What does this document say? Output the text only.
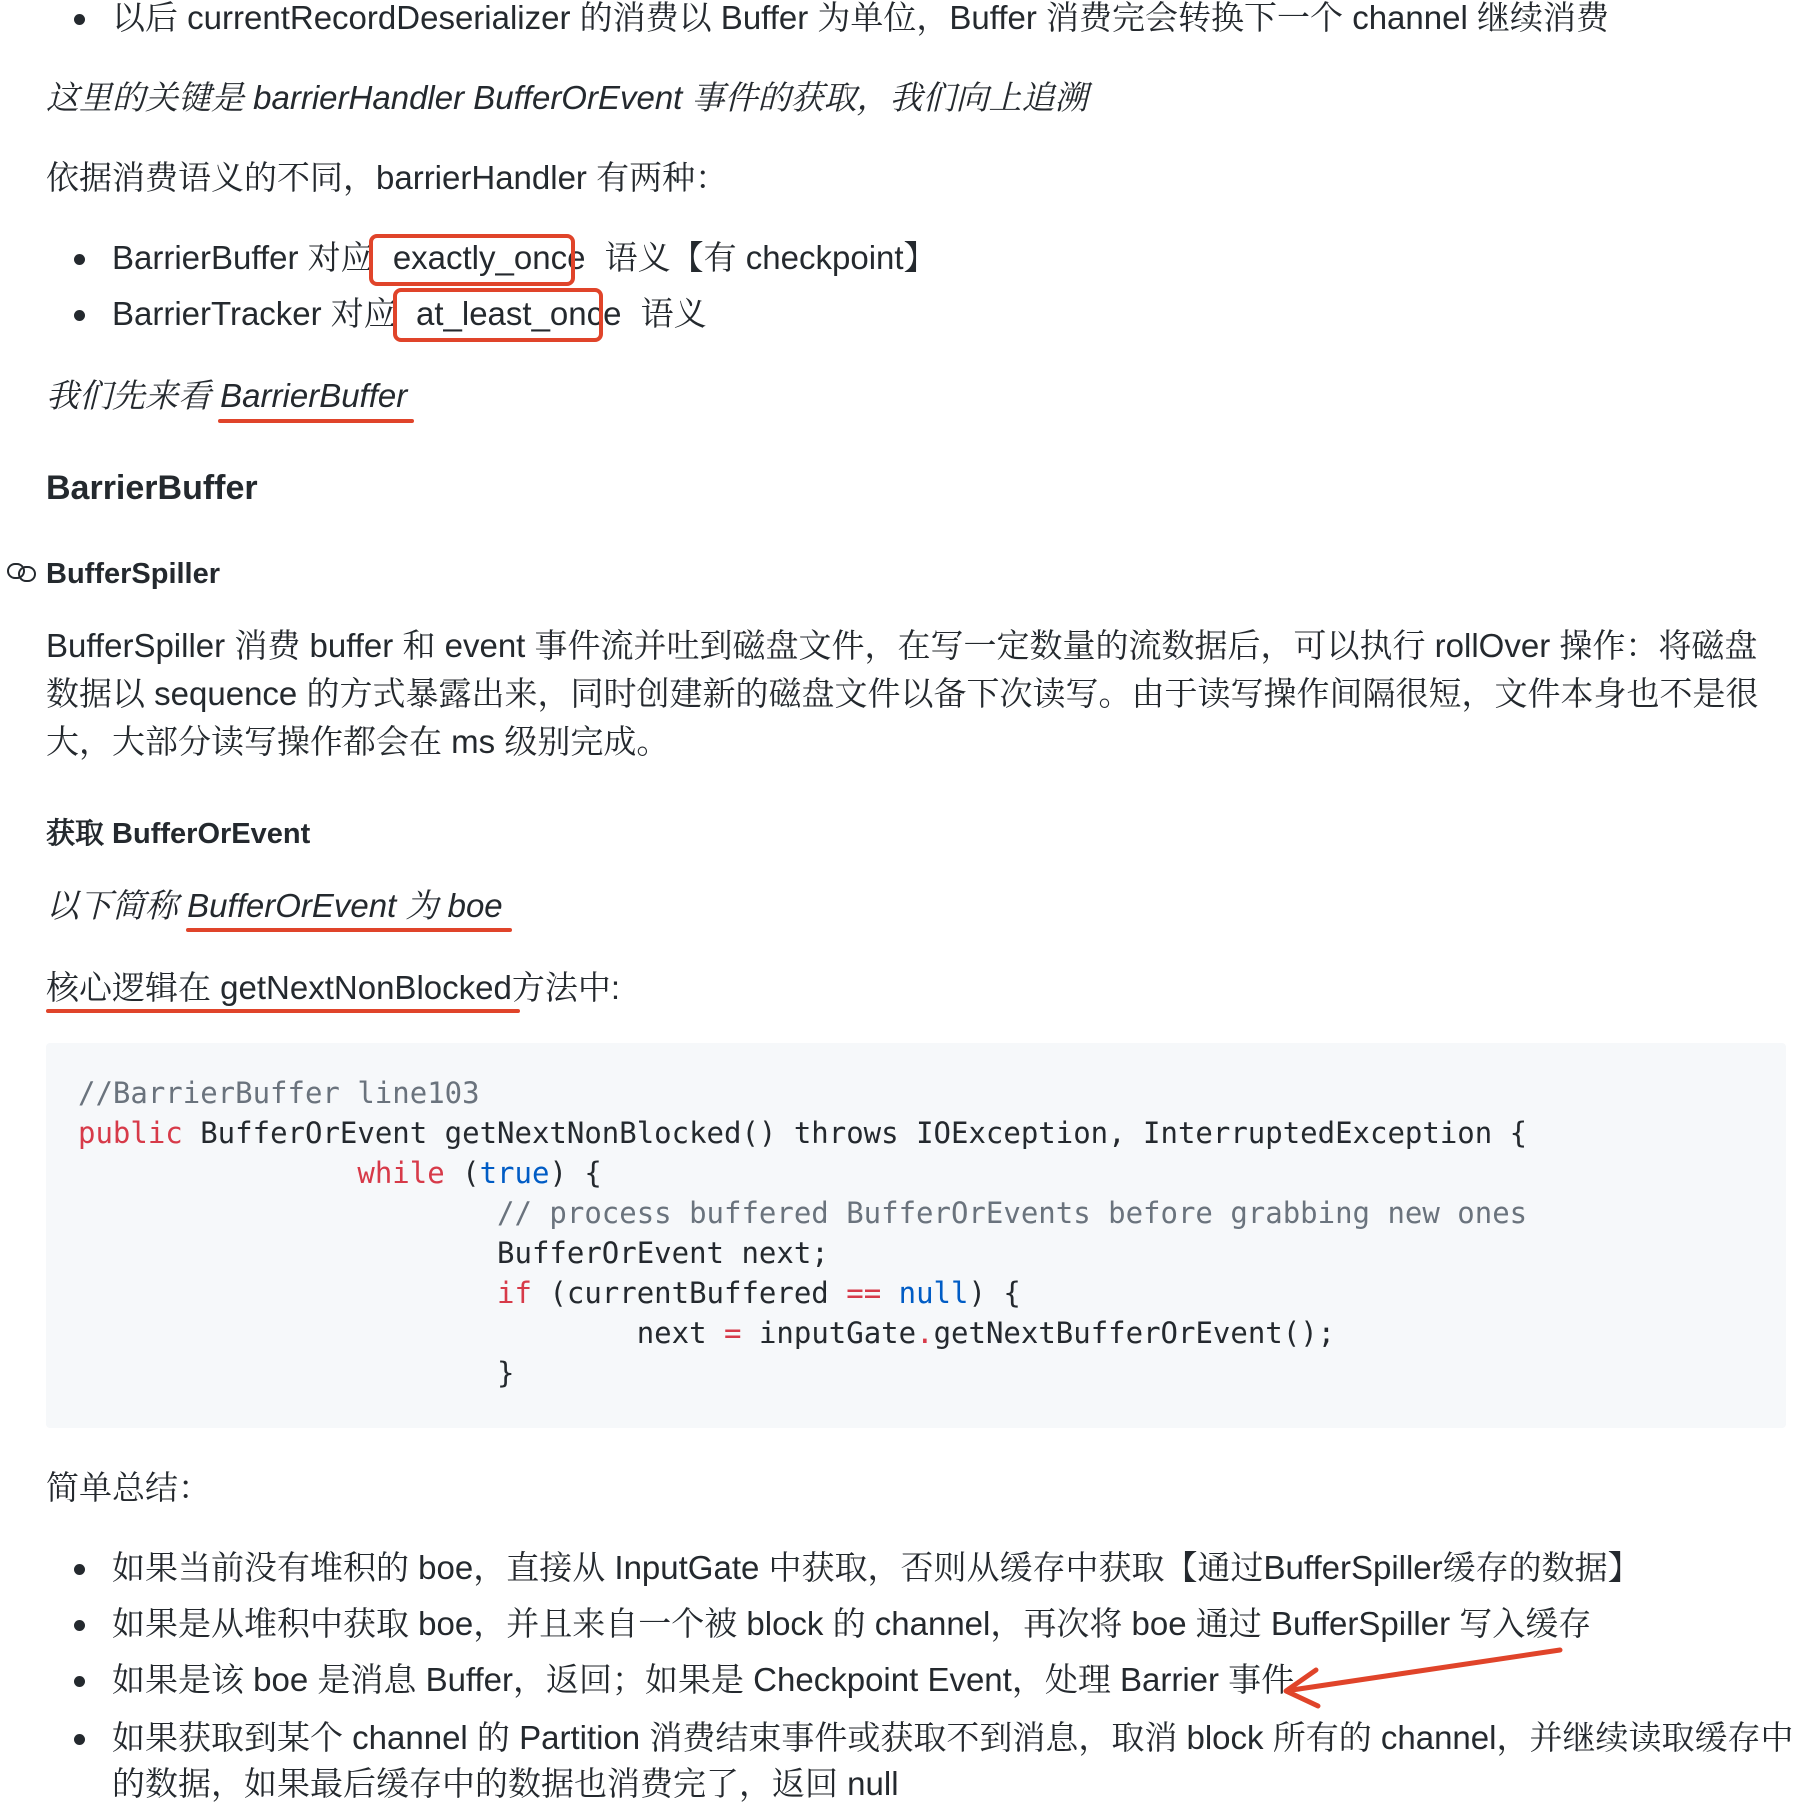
以后 currentRecordDeserializer 的消费以 Buffer 为单位，Buffer 消费完会转换下一个 channel 继续消费
这里的关键是 barrierHandler BufferOrEvent 事件的获取，我们向上追溯
依据消费语义的不同，barrierHandler 有两种：
BarrierBuffer 对应 exactly_once 语义【有 checkpoint】
BarrierTracker 对应 at_least_once 语义
我们先来看 BarrierBuffer
BarrierBuffer
BufferSpiller
BufferSpiller 消费 buffer 和 event 事件流并吐到磁盘文件，在写一定数量的流数据后，可以执行 rollOver 操作：将磁盘数据以 sequence 的方式暴露出来，同时创建新的磁盘文件以备下次读写。由于读写操作间隔很短，文件本身也不是很大，大部分读写操作都会在 ms 级别完成。
获取 BufferOrEvent
以下简称 BufferOrEvent 为 boe
核心逻辑在 getNextNonBlocked方法中:
//BarrierBuffer line103
public BufferOrEvent getNextNonBlocked() throws IOException, InterruptedException {
while (true) {
// process buffered BufferOrEvents before grabbing new ones
BufferOrEvent next;
if (currentBuffered == null) {
next = inputGate.getNextBufferOrEvent();
}
简单总结：
如果当前没有堆积的 boe，直接从 InputGate 中获取，否则从缓存中获取【通过BufferSpiller缓存的数据】
如果是从堆积中获取 boe，并且来自一个被 block 的 channel，再次将 boe 通过 BufferSpiller 写入缓存
如果是该 boe 是消息 Buffer，返回；如果是 Checkpoint Event，处理 Barrier 事件
如果获取到某个 channel 的 Partition 消费结束事件或获取不到消息，取消 block 所有的 channel，并继续读取缓存中
的数据，如果最后缓存中的数据也消费完了，返回 null
